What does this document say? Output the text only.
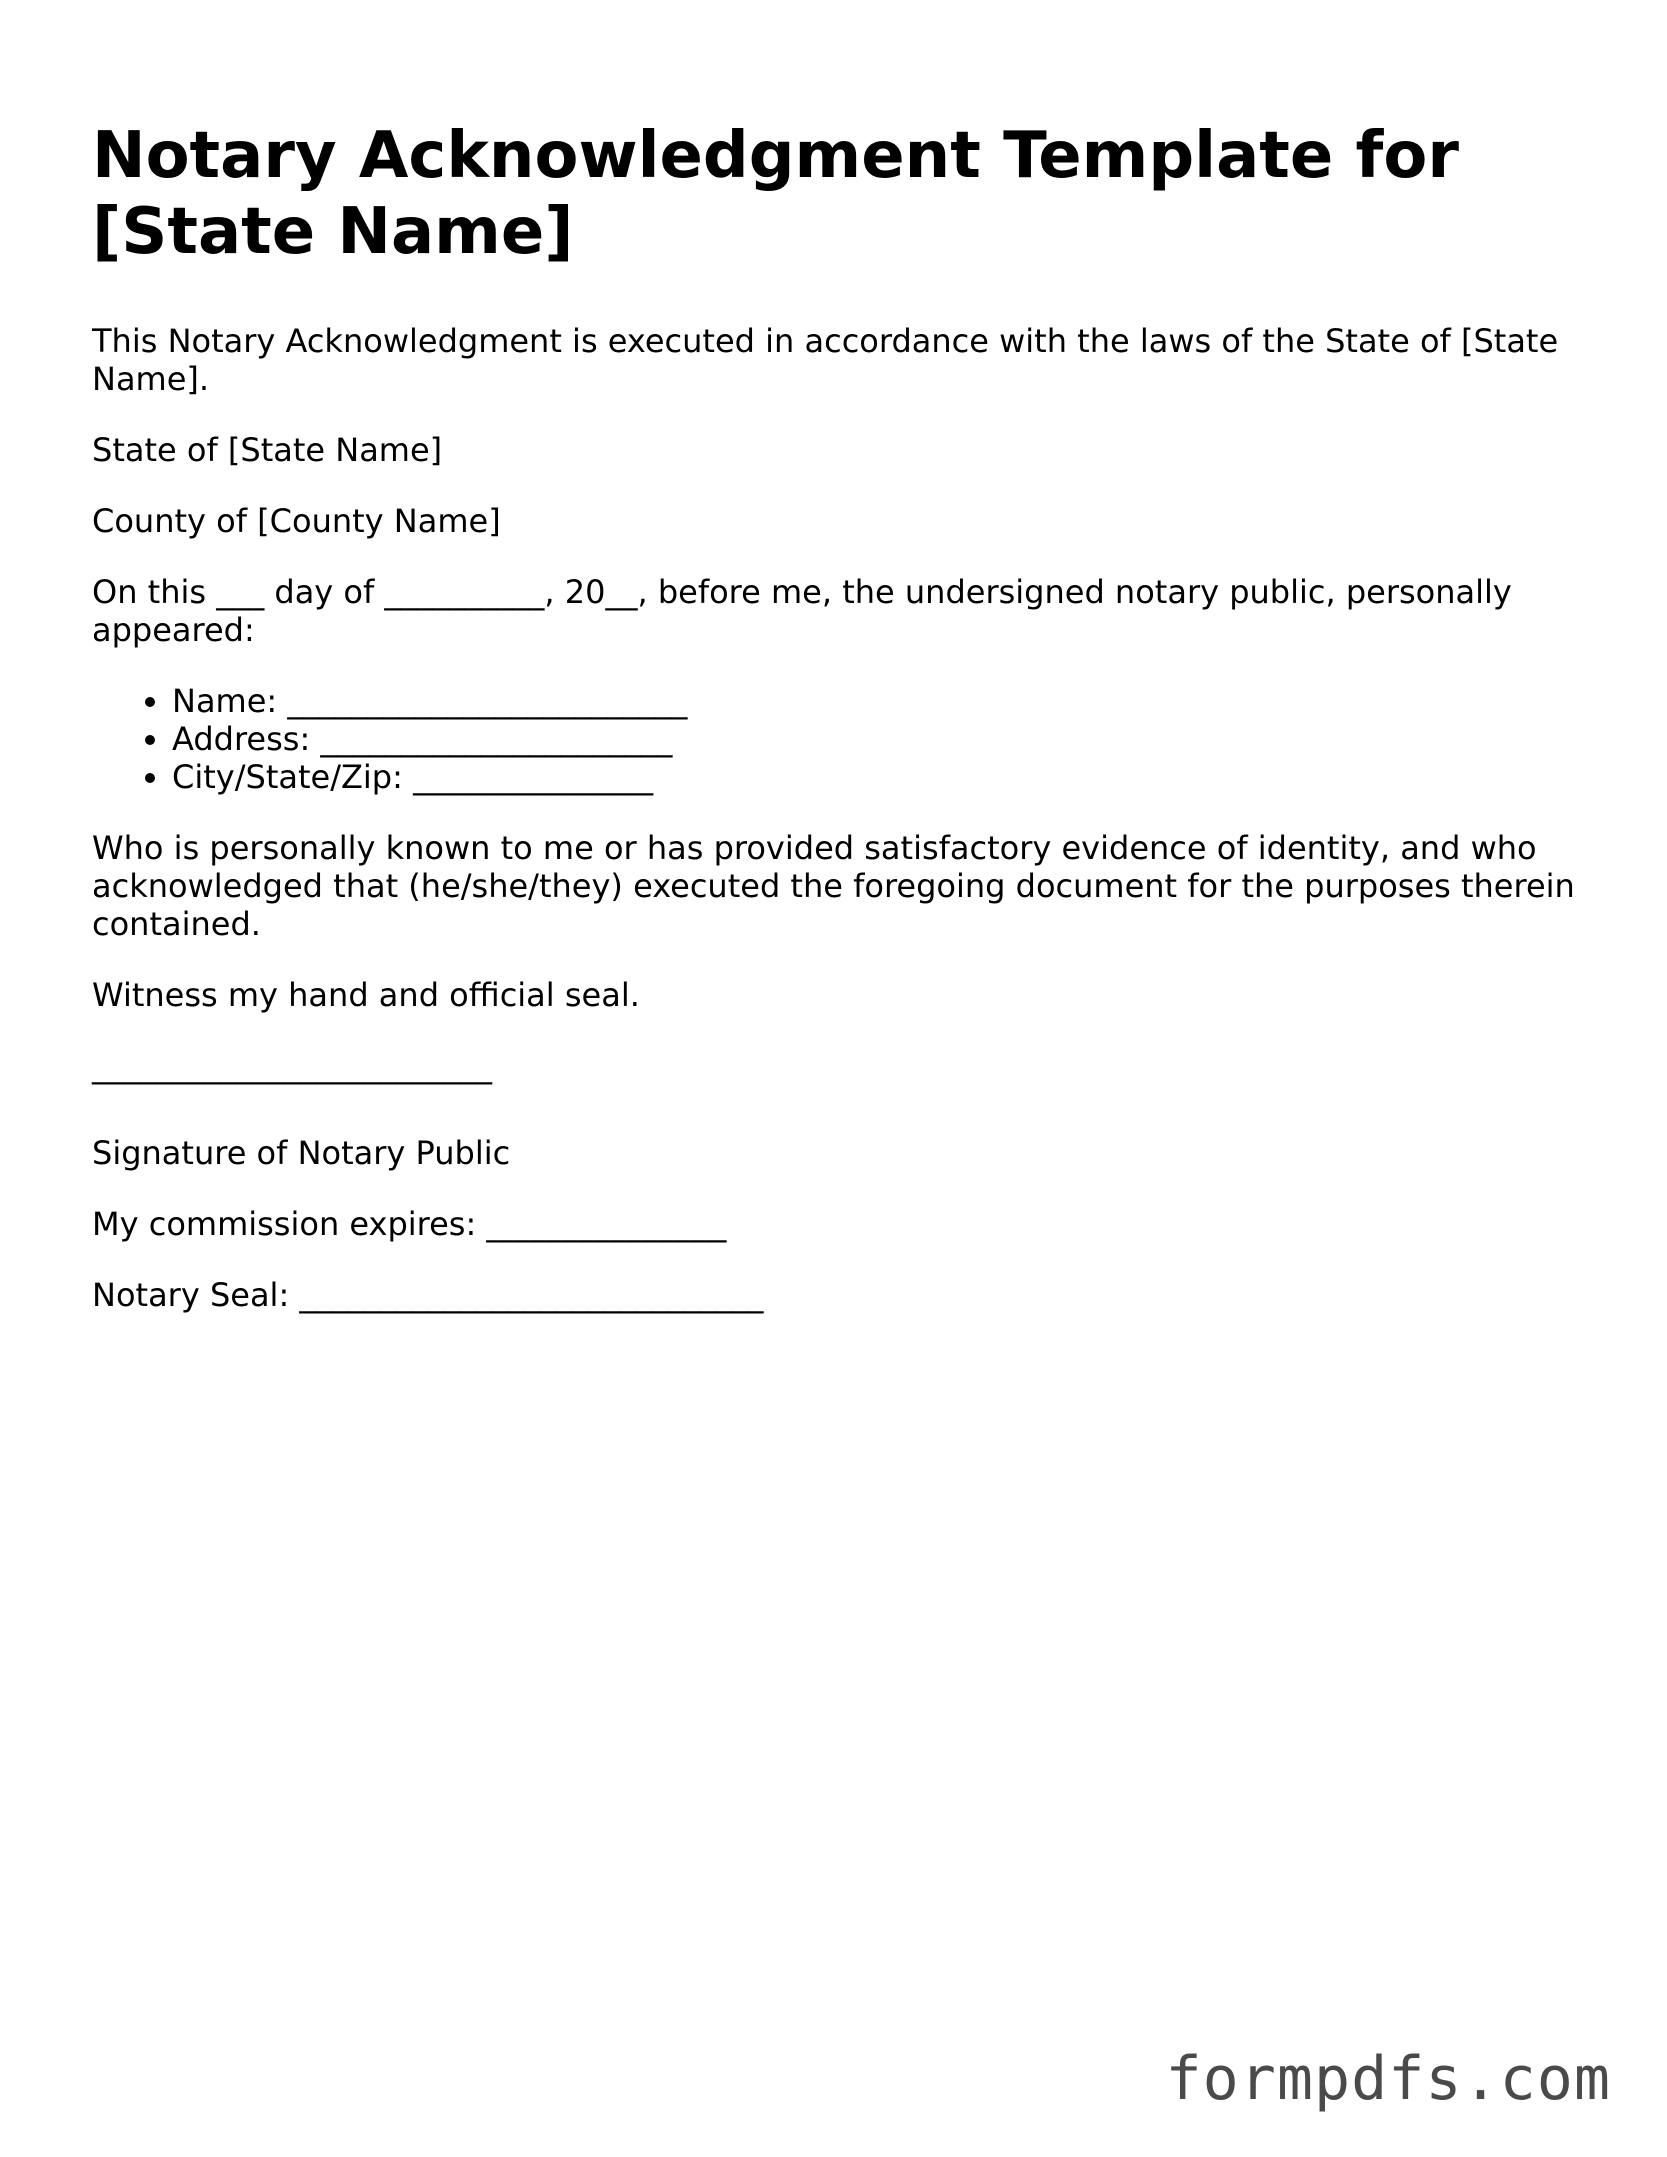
Notary Acknowledgment Template for [State Name]

This Notary Acknowledgment is executed in accordance with the laws of the State of [State Name].

State of [State Name]

County of [County Name]

On this ___ day of __________, 20__, before me, the undersigned notary public, personally appeared:

• Name: _________________________
• Address: ______________________
• City/State/Zip: _______________

Who is personally known to me or has provided satisfactory evidence of identity, and who acknowledged that (he/she/they) executed the foregoing document for the purposes therein contained.

Witness my hand and official seal.

_________________________

Signature of Notary Public

My commission expires: _______________

Notary Seal: _____________________________

formpdfs.com
